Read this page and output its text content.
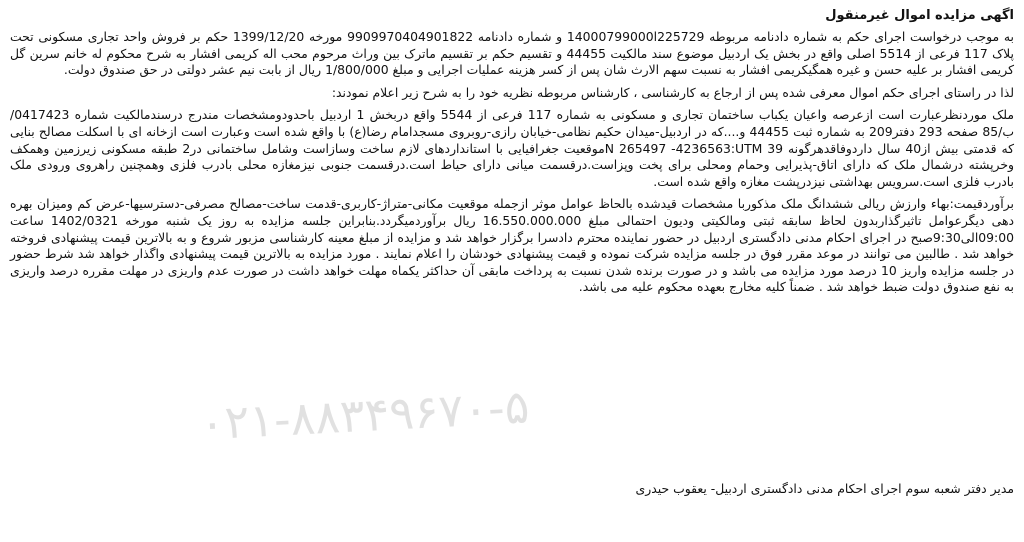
اگهی مزایده اموال غیرمنقول

به موجب درخواست اجرای حکم به شماره دادنامه مربوطه 14000799000l225729 و شماره دادنامه 9909970404901822 مورخه 1399/12/20 حکم بر فروش واحد تجاری مسکونی تحت پلاک 117 فرعی از 5514 اصلی واقع در بخش یک اردبیل موضوع سند مالکیت 44455 و تقسیم حکم بر تقسیم ماترک بین وراث مرحوم محب اله کریمی افشار به شرح محکوم له خانم سرین گل کریمی افشار بر علیه حسن و غیره همگیکریمی افشار به نسبت سهم الارث شان پس از کسر هزینه عملیات اجرایی و مبلغ 1/800/000 ریال از بابت نیم عشر دولتی در حق صندوق دولت.

لذا در راستای اجرای حکم اموال معرفی شده پس از ارجاع به کارشناسی ، کارشناس مربوطه نظریه خود را به شرح زیر اعلام نمودند:

ملک موردنظرعبارت است ازعرصه واعیان یکباب ساختمان تجاری و مسکونی به شماره 117 فرعی از 5544 واقع دربخش 1 اردبیل باحدودومشخصات مندرج درسندمالکیت شماره 0417423/ب/85 صفحه 293 دفتر209 به شماره ثبت 44455 و....که در اردبیل-میدان حکیم نظامی-خیابان رازی-روبروی مسجدامام رضا(ع) با واقع شده است وعبارت است ازخانه ای با اسکلت مصالح بنایی که قدمتی بیش از40 سال داردوفاقدهرگونه 39 N 265497 -4236563:UTMموقعیت جغرافیایی با استانداردهای لازم ساخت وسازاست وشامل ساختمانی در2 طبقه مسکونی زیرزمین وهمکف وخرپشته درشمال ملک که دارای اتاق-پذیرایی وحمام ومحلی برای پخت وپزاست.درقسمت میانی دارای حیاط است.درقسمت جنوبی نیزمغازه محلی بادرب فلزی وهمچنین راهروی ورودی ملک بادرب فلزی است.سرویس بهداشتی نیزدرپشت مغازه واقع شده است.

برآوردقیمت:بهاء وارزش ریالی ششدانگ ملک مذکوربا مشخصات قیدشده بالحاظ عوامل موثر ازجمله موقعیت مکانی-متراژ-کاربری-قدمت ساخت-مصالح مصرفی-دسترسیها-عرض کم ومیزان بهره دهی دیگرعوامل تاثیرگذاربدون لحاظ سابقه ثبتی ومالکیتی ودیون احتمالی مبلغ 16.550.000.000 ریال برآوردمیگردد.بنابراین جلسه مزایده به روز یک شنبه مورخه 1402/0321 ساعت 09:00الی9:30صبح در اجرای احکام مدنی دادگستری اردبیل در حضور نماینده محترم دادسرا برگزار خواهد شد و مزایده از مبلغ معینه کارشناسی مزبور شروع و به بالاترین قیمت پیشنهادی فروخته خواهد شد . طالبین می توانند در موعد مقرر فوق در جلسه مزایده شرکت نموده و قیمت پیشنهادی خودشان را اعلام نمایند . مورد مزایده به بالاترین قیمت پیشنهادی واگذار خواهد شد شرط حضور در جلسه مزایده واریز 10 درصد مورد مزایده می باشد و در صورت برنده شدن نسبت به پرداخت مابقی آن حداکثر یکماه مهلت خواهد داشت در صورت عدم واریزی در مهلت مقرره درصد واریزی به نفع صندوق دولت ضبط خواهد شد . ضمناً کلیه مخارج بعهده محکوم علیه می باشد.

۰۲۱-۸۸۳۴۹۶۷۰-۵
مدیر دفتر شعبه سوم اجرای احکام مدنی دادگستری اردبیل- یعقوب حیدری
